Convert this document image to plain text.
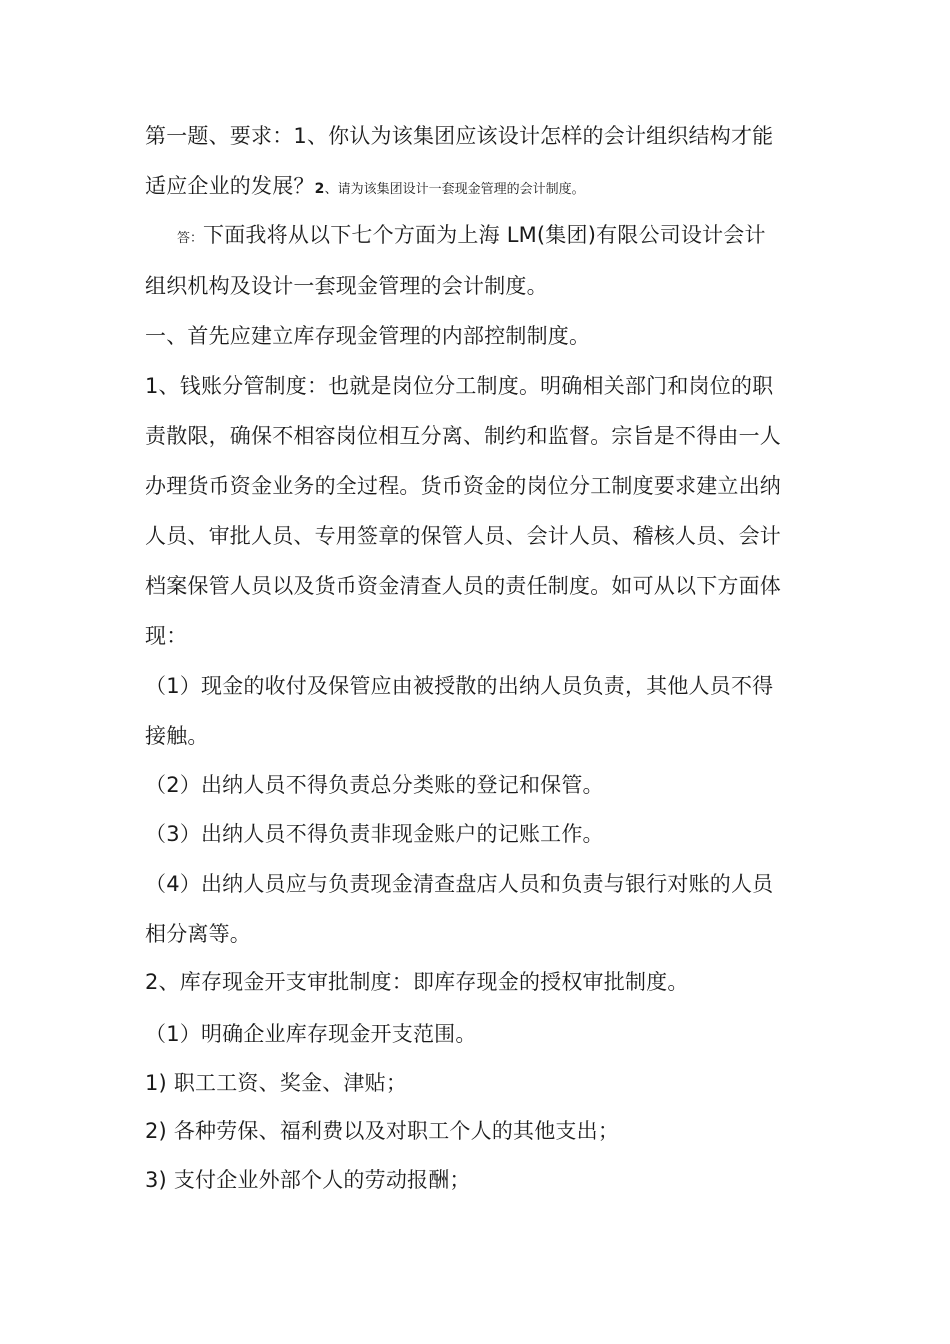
第一题、要求：1、你认为该集团应该设计怎样的会计组织结构才能
适应企业的发展？2、请为该集团设计一套现金管理的会计制度。
答：下面我将从以下七个方面为上海 LM(集团)有限公司设计会计
组织机构及设计一套现金管理的会计制度。
一、首先应建立库存现金管理的内部控制制度。
1、钱账分管制度：也就是岗位分工制度。明确相关部门和岗位的职
责散限，确保不相容岗位相互分离、制约和监督。宗旨是不得由一人
办理货币资金业务的全过程。货币资金的岗位分工制度要求建立出纳
人员、审批人员、专用签章的保管人员、会计人员、稽核人员、会计
档案保管人员以及货币资金清查人员的责任制度。如可从以下方面体
现：
（1）现金的收付及保管应由被授散的出纳人员负责，其他人员不得
接触。
（2）出纳人员不得负责总分类账的登记和保管。
（3）出纳人员不得负责非现金账户的记账工作。
（4）出纳人员应与负责现金清查盘店人员和负责与银行对账的人员
相分离等。
2、库存现金开支审批制度：即库存现金的授权审批制度。
（1）明确企业库存现金开支范围。
1) 职工工资、奖金、津贴；
2) 各种劳保、福利费以及对职工个人的其他支出；
3) 支付企业外部个人的劳动报酬；
